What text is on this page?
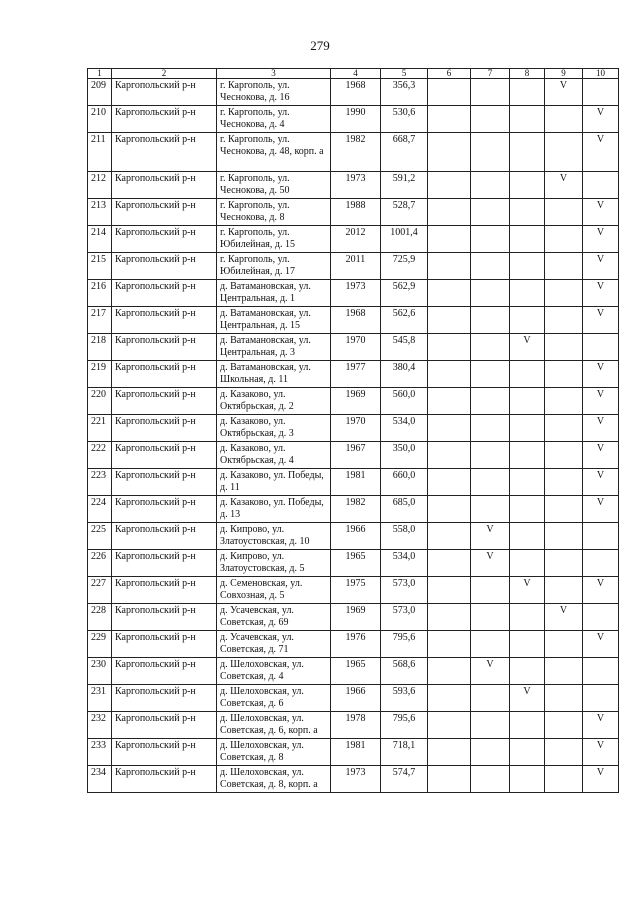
279
1	2	3	4	5	6	7	8	9	10
209	Каргопольский р-н	г. Каргополь, ул. Чеснокова, д. 16	1968	356,3				V	
210	Каргопольский р-н	г. Каргополь, ул. Чеснокова, д. 4	1990	530,6					V
211	Каргопольский р-н	г. Каргополь, ул. Чеснокова, д. 48, корп. а	1982	668,7					V
212	Каргопольский р-н	г. Каргополь, ул. Чеснокова, д. 50	1973	591,2				V	
213	Каргопольский р-н	г. Каргополь, ул. Чеснокова, д. 8	1988	528,7					V
214	Каргопольский р-н	г. Каргополь, ул. Юбилейная, д. 15	2012	1001,4					V
215	Каргопольский р-н	г. Каргополь, ул. Юбилейная, д. 17	2011	725,9					V
216	Каргопольский р-н	д. Ватамановская, ул. Центральная, д. 1	1973	562,9					V
217	Каргопольский р-н	д. Ватамановская, ул. Центральная, д. 15	1968	562,6					V
218	Каргопольский р-н	д. Ватамановская, ул. Центральная, д. 3	1970	545,8			V		
219	Каргопольский р-н	д. Ватамановская, ул. Школьная, д. 11	1977	380,4					V
220	Каргопольский р-н	д. Казаково, ул. Октябрьская, д. 2	1969	560,0					V
221	Каргопольский р-н	д. Казаково, ул. Октябрьская, д. 3	1970	534,0					V
222	Каргопольский р-н	д. Казаково, ул. Октябрьская, д. 4	1967	350,0					V
223	Каргопольский р-н	д. Казаково, ул. Победы, д. 11	1981	660,0					V
224	Каргопольский р-н	д. Казаково, ул. Победы, д. 13	1982	685,0					V
225	Каргопольский р-н	д. Кипрово, ул. Златоустовская, д. 10	1966	558,0		V			
226	Каргопольский р-н	д. Кипрово, ул. Златоустовская, д. 5	1965	534,0		V			
227	Каргопольский р-н	д. Семеновская, ул. Совхозная, д. 5	1975	573,0			V		V
228	Каргопольский р-н	д. Усачевская, ул. Советская, д. 69	1969	573,0				V	
229	Каргопольский р-н	д. Усачевская, ул. Советская, д. 71	1976	795,6					V
230	Каргопольский р-н	д. Шелоховская, ул. Советская, д. 4	1965	568,6		V			
231	Каргопольский р-н	д. Шелоховская, ул. Советская, д. 6	1966	593,6			V		
232	Каргопольский р-н	д. Шелоховская, ул. Советская, д. 6, корп. а	1978	795,6					V
233	Каргопольский р-н	д. Шелоховская, ул. Советская, д. 8	1981	718,1					V
234	Каргопольский р-н	д. Шелоховская, ул. Советская, д. 8, корп. а	1973	574,7					V
